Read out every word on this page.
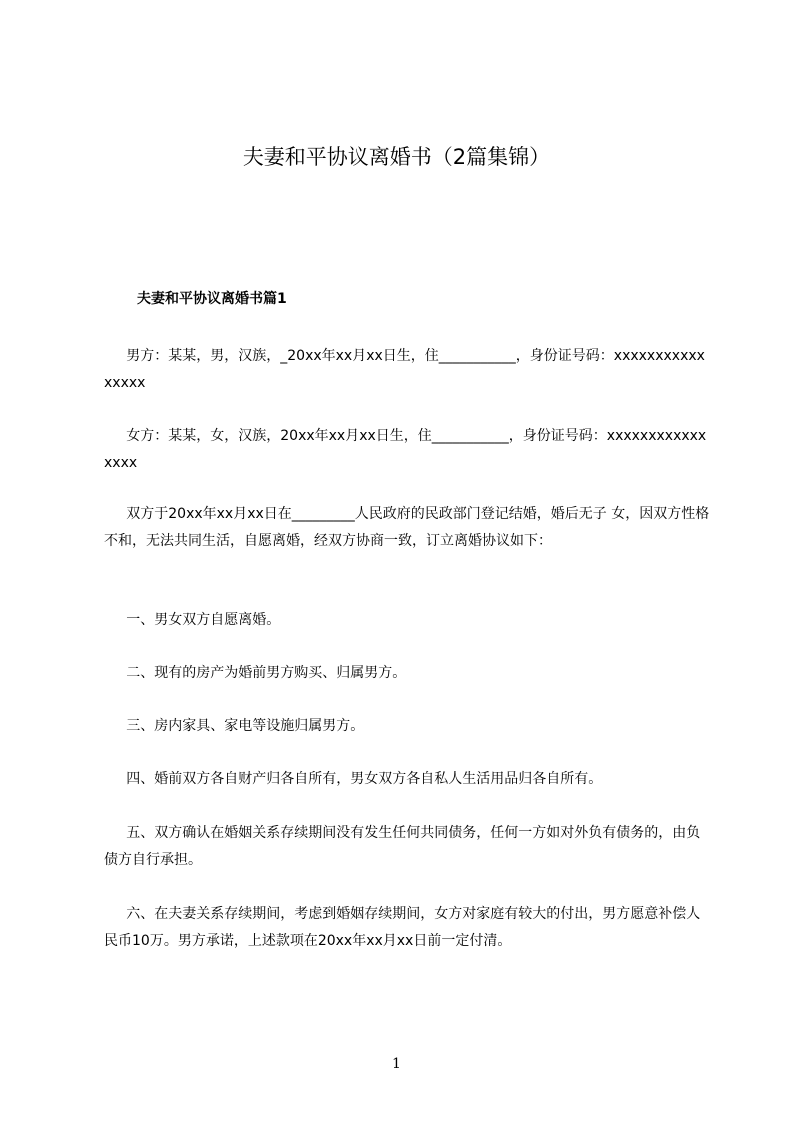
夫妻和平协议离婚书（2篇集锦）
夫妻和平协议离婚书篇1
男方：某某，男，汉族，_20xx年xx月xx日生，住___________，身份证号码：xxxxxxxxxxxxxxxx
女方：某某，女，汉族，20xx年xx月xx日生，住___________，身份证号码：xxxxxxxxxxxxxxxx
双方于20xx年xx月xx日在_________人民政府的民政部门登记结婚，婚后无子 女，因双方性格不和，无法共同生活，自愿离婚，经双方协商一致，订立离婚协议如下：
一、男女双方自愿离婚。
二、现有的房产为婚前男方购买、归属男方。
三、房内家具、家电等设施归属男方。
四、婚前双方各自财产归各自所有，男女双方各自私人生活用品归各自所有。
五、双方确认在婚姻关系存续期间没有发生任何共同债务，任何一方如对外负有债务的，由负债方自行承担。
六、在夫妻关系存续期间，考虑到婚姻存续期间，女方对家庭有较大的付出，男方愿意补偿人民币10万。男方承诺，上述款项在20xx年xx月xx日前一定付清。
1
